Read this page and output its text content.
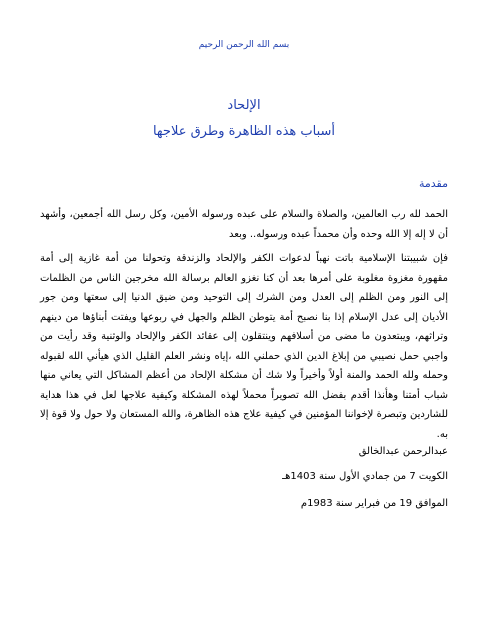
بسم الله الرحمن الرحيم
الإلحاد
أسباب هذه الظاهرة وطرق علاجها
مقدمة
الحمد لله رب العالمين، والصلاة والسلام على عبده ورسوله الأمين، وكل رسل الله أجمعين، وأشهد أن لا إله إلا الله وحده وأن محمداً عبده ورسوله.. وبعد
فإن شبيبتنا الإسلامية باتت نهباً لدعوات الكفر والإلحاد والزندقة وتحولنا من أمة غازية إلى أمة مقهورة مغزوة مغلوبة على أمرها بعد أن كنا نغزو العالم برسالة الله مخرجين الناس من الظلمات إلى النور ومن الظلم إلى العدل ومن الشرك إلى التوحيد ومن ضيق الدنيا إلى سعتها ومن جور الأديان إلى عدل الإسلام إذا بنا نصبح أمة يتوطن الظلم والجهل في ربوعها ويفتت أبناؤها من دينهم وتراثهم، ويبتعدون ما مضى من أسلافهم وينتقلون إلى عقائد الكفر والإلحاد والوثنية وقد رأيت من واجبي حمل نصيبي من إبلاغ الدين الذي حملني الله ،إياه ونشر العلم القليل الذي هيأني الله لقبوله وحمله ولله الحمد والمنة أولاً وأخيراً ولا شك أن مشكلة الإلحاد من أعظم المشاكل التي يعاني منها شباب أمتنا وهأنذا أقدم بفضل الله تصويراً محملاً لهذه المشكلة وكيفية علاجها لعل في هذا هداية للشاردين وتبصرة لإخواننا المؤمنين في كيفية علاج هذه الظاهرة، والله المستعان ولا حول ولا قوة إلا به.
عبدالرحمن عبدالخالق
الكويت 7 من جمادي الأول سنة 1403هـ
الموافق 19 من فبراير سنة 1983م
